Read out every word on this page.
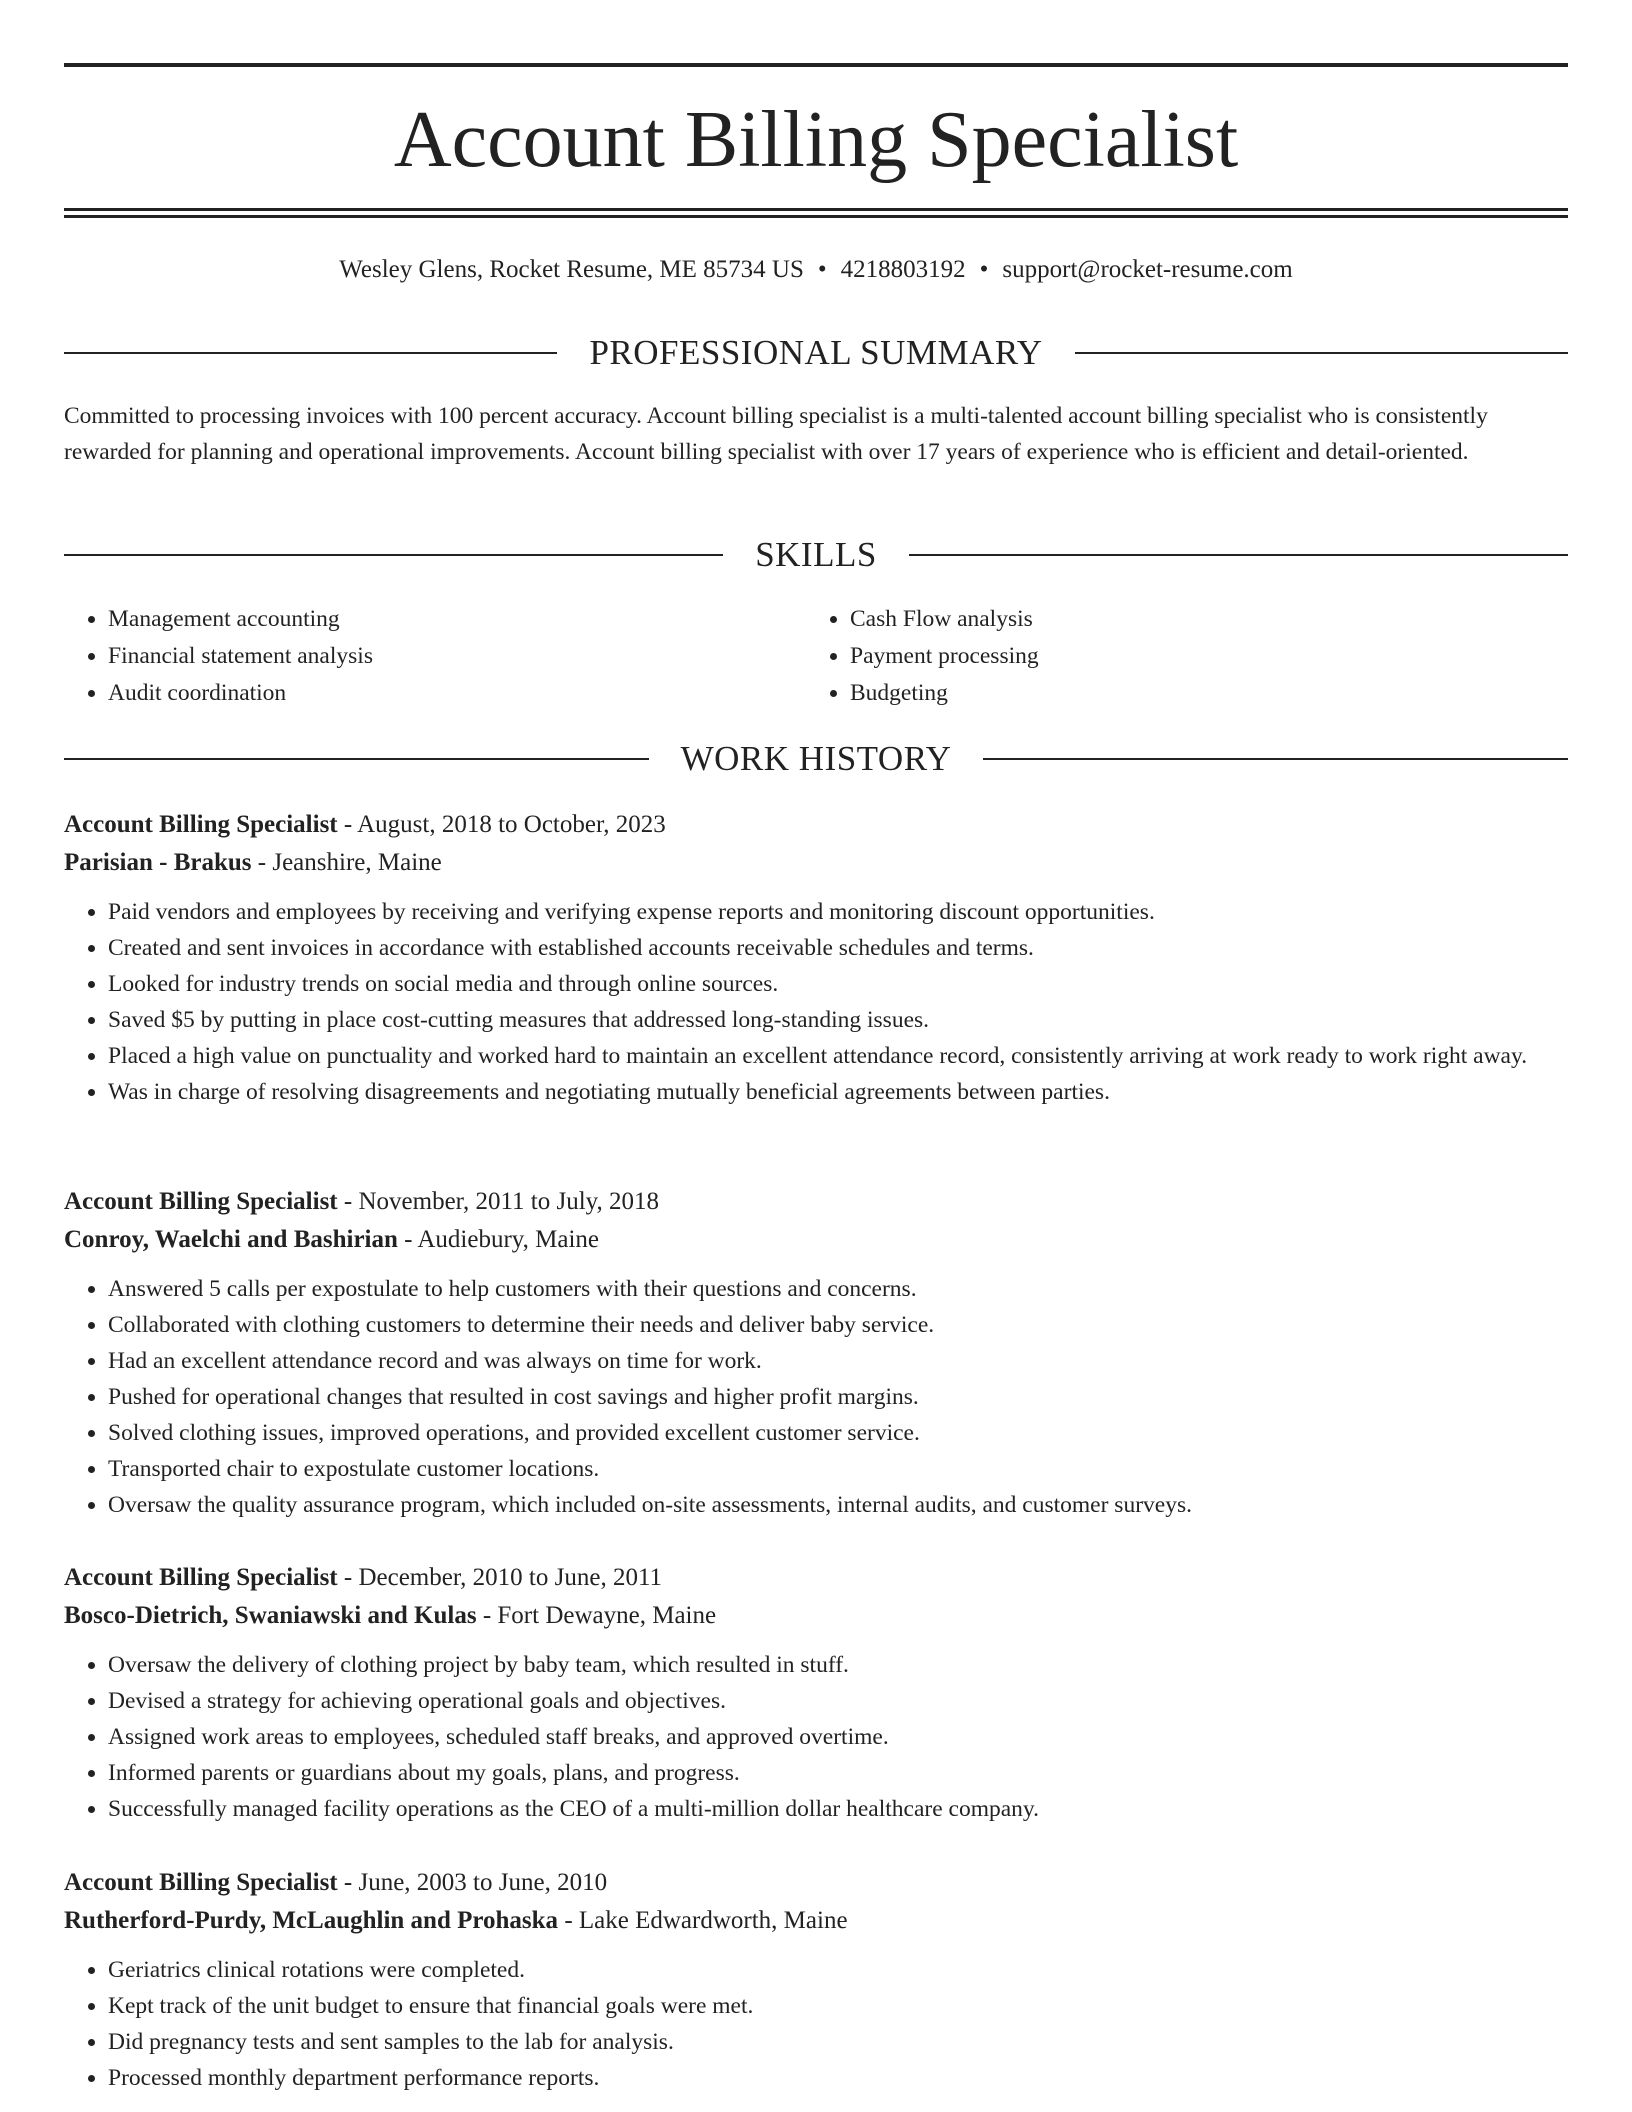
Account Billing Specialist
Wesley Glens, Rocket Resume, ME 85734 US • 4218803192 • support@rocket-resume.com
PROFESSIONAL SUMMARY

Committed to processing invoices with 100 percent accuracy. Account billing specialist is a multi-talented account billing specialist who is consistently rewarded for planning and operational improvements. Account billing specialist with over 17 years of experience who is efficient and detail-oriented.

SKILLS
• Management accounting
• Financial statement analysis
• Audit coordination
• Cash Flow analysis
• Payment processing
• Budgeting
WORK HISTORY

Account Billing Specialist - August, 2018 to October, 2023

Parisian - Brakus - Jeanshire, Maine

• Paid vendors and employees by receiving and verifying expense reports and monitoring discount opportunities.
• Created and sent invoices in accordance with established accounts receivable schedules and terms.
• Looked for industry trends on social media and through online sources.
• Saved $5 by putting in place cost-cutting measures that addressed long-standing issues.
• Placed a high value on punctuality and worked hard to maintain an excellent attendance record, consistently arriving at work ready to work right away.
• Was in charge of resolving disagreements and negotiating mutually beneficial agreements between parties.

Account Billing Specialist - November, 2011 to July, 2018

Conroy, Waelchi and Bashirian - Audiebury, Maine

• Answered 5 calls per expostulate to help customers with their questions and concerns.
• Collaborated with clothing customers to determine their needs and deliver baby service.
• Had an excellent attendance record and was always on time for work.
• Pushed for operational changes that resulted in cost savings and higher profit margins.
• Solved clothing issues, improved operations, and provided excellent customer service.
• Transported chair to expostulate customer locations.
• Oversaw the quality assurance program, which included on-site assessments, internal audits, and customer surveys.

Account Billing Specialist - December, 2010 to June, 2011

Bosco-Dietrich, Swaniawski and Kulas - Fort Dewayne, Maine

• Oversaw the delivery of clothing project by baby team, which resulted in stuff.
• Devised a strategy for achieving operational goals and objectives.
• Assigned work areas to employees, scheduled staff breaks, and approved overtime.
• Informed parents or guardians about my goals, plans, and progress.
• Successfully managed facility operations as the CEO of a multi-million dollar healthcare company.

Account Billing Specialist - June, 2003 to June, 2010

Rutherford-Purdy, McLaughlin and Prohaska - Lake Edwardworth, Maine

• Geriatrics clinical rotations were completed.
• Kept track of the unit budget to ensure that financial goals were met.
• Did pregnancy tests and sent samples to the lab for analysis.
• Processed monthly department performance reports.
